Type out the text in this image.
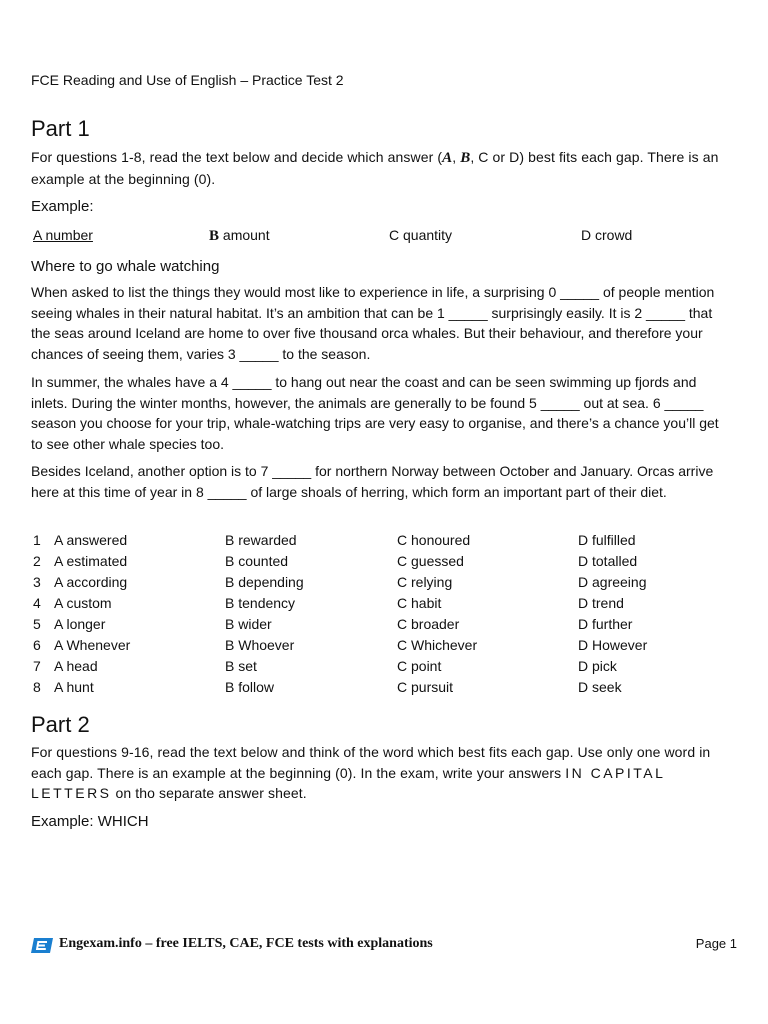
FCE Reading and Use of English – Practice Test 2
Part 1

For questions 1-8, read the text below and decide which answer (A, B, C or D) best fits each gap. There is an example at the beginning (0).

Example:
A number	B amount	C quantity	D crowd
Where to go whale watching

When asked to list the things they would most like to experience in life, a surprising 0 _____ of people mention seeing whales in their natural habitat. It’s an ambition that can be 1 _____ surprisingly easily. It is 2 _____ that the seas around Iceland are home to over five thousand orca whales. But their behaviour, and therefore your chances of seeing them, varies 3 _____ to the season.

In summer, the whales have a 4 _____ to hang out near the coast and can be seen swimming up fjords and inlets. During the winter months, however, the animals are generally to be found 5 _____ out at sea. 6 _____ season you choose for your trip, whale-watching trips are very easy to organise, and there’s a chance you’ll get to see other whale species too.

Besides Iceland, another option is to 7 _____ for northern Norway between October and January. Orcas arrive here at this time of year in 8 _____ of large shoals of herring, which form an important part of their diet.

1 A answered	B rewarded	C honoured	D fulfilled
2 A estimated	B counted	C guessed	D totalled
3 A according	B depending	C relying	D agreeing
4 A custom	B tendency	C habit	D trend
5 A longer	B wider	C broader	D further
6 A Whenever	B Whoever	C Whichever	D However
7 A head	B set	C point	D pick
8 A hunt	B follow	C pursuit	D seek
Part 2

For questions 9-16, read the text below and think of the word which best fits each gap. Use only one word in each gap. There is an example at the beginning (0). In the exam, write your answers IN CAPITAL LETTERS on tho separate answer sheet.

Example: WHICH
Engexam.info – free IELTS, CAE, FCE tests with explanations	Page 1
